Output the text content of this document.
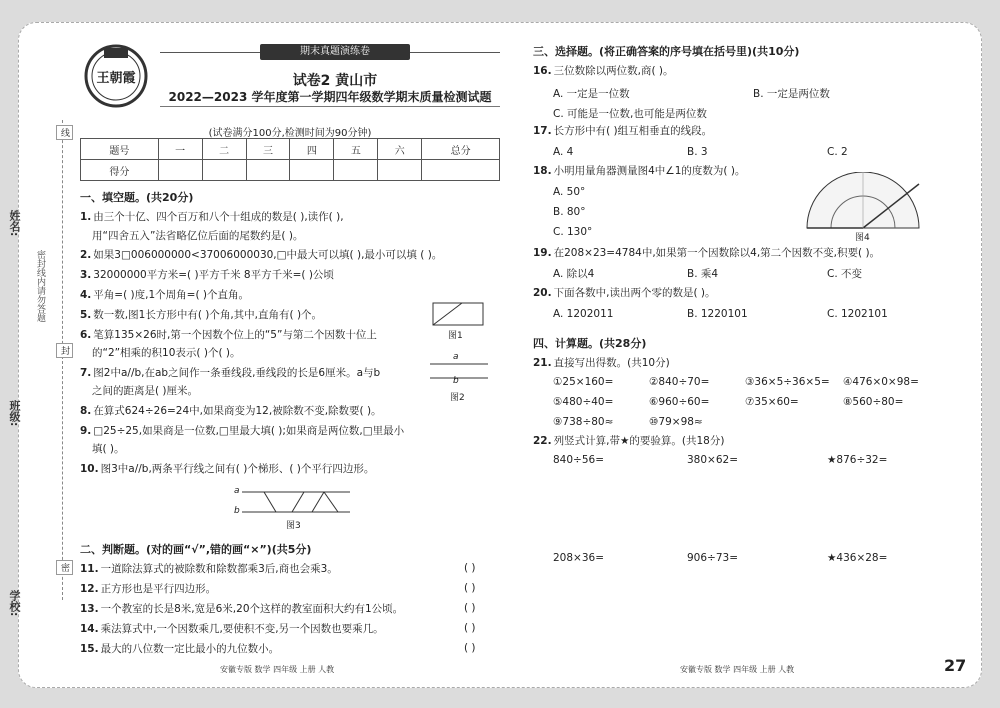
姓名:
班级:
学校:
线
封
密
密封线内请勿答题
王朝霞
期末真题演练卷
试卷2 黄山市
2022—2023 学年度第一学期四年级数学期末质量检测试题
(试卷满分100分,检测时间为90分钟)
题号	一	二	三	四	五	六	总分
得分							
一、填空题。(共20分)
1. 由三个十亿、四个百万和八个十组成的数是( ),读作( ),
用“四舍五入”法省略亿位后面的尾数约是( )。
2. 如果3□006000000<37006000030,□中最大可以填( ),最小可以填 ( )。
3. 32000000平方米=( )平方千米 8平方千米=( )公顷
4. 平角=( )度,1个周角=( )个直角。
5. 数一数,图1长方形中有( )个角,其中,直角有( )个。
6. 笔算135×26时,第一个因数个位上的“5”与第二个因数十位上
的“2”相乘的积10表示( )个( )。
7. 图2中a//b,在ab之间作一条垂线段,垂线段的长是6厘米。a与b
之间的距离是( )厘米。
8. 在算式624÷26=24中,如果商变为12,被除数不变,除数要( )。
9. □25÷25,如果商是一位数,□里最大填( );如果商是两位数,□里最小
填( )。
10. 图3中a//b,两条平行线之间有( )个梯形、( )个平行四边形。
图1
a
b
图2
a
b
图3
二、判断题。(对的画“√”,错的画“×”)(共5分)
11. 一道除法算式的被除数和除数都乘3后,商也会乘3。
12. 正方形也是平行四边形。
13. 一个教室的长是8米,宽是6米,20个这样的教室面积大约有1公顷。
14. 乘法算式中,一个因数乘几,要使积不变,另一个因数也要乘几。
15. 最大的八位数一定比最小的九位数小。
( )
( )
( )
( )
( )
三、选择题。(将正确答案的序号填在括号里)(共10分)
16. 三位数除以两位数,商( )。
A. 一定是一位数	B. 一定是两位数
C. 可能是一位数,也可能是两位数
17. 长方形中有( )组互相垂直的线段。
A. 4	B. 3	C. 2
18. 小明用量角器测量图4中∠1的度数为( )。
A. 50°
B. 80°
C. 130°	图4
19. 在208×23=4784中,如果第一个因数除以4,第二个因数不变,积要( )。
A. 除以4	B. 乘4	C. 不变
20. 下面各数中,读出两个零的数是( )。
A. 1202011	B. 1220101	C. 1202101
四、计算题。(共28分)
21. 直接写出得数。(共10分)
①25×160=	②840÷70=	③36×5÷36×5= ④476×0×98=
⑤480÷40=	⑥960÷60=	⑦35×60=	⑧560÷80=
⑨738÷80≈	⑩79×98≈
22. 列竖式计算,带★的要验算。(共18分)
840÷56=	380×62=	★876÷32=
208×36=	906÷73=	★436×28=
安徽专版 数学 四年级 上册 人教	安徽专版 数学 四年级 上册 人教	27
